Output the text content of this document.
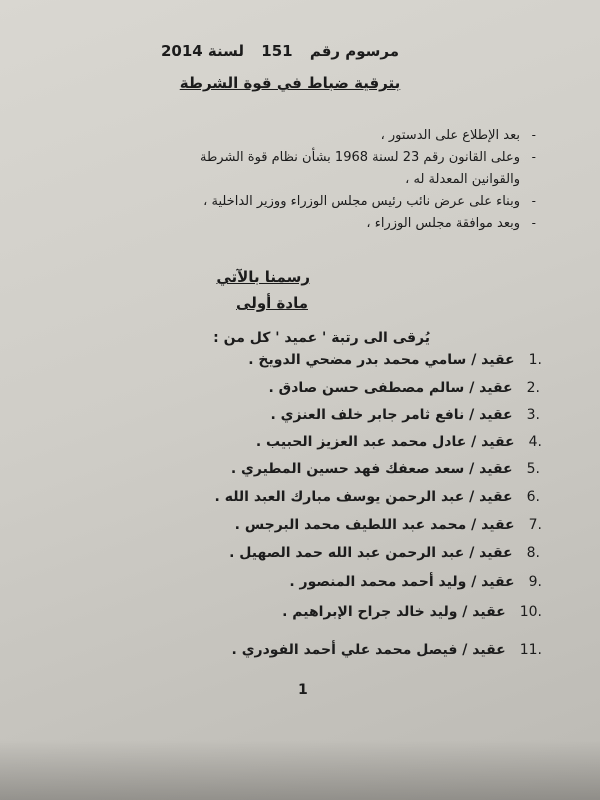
مرسوم رقم 151 لسنة 2014
بترقية ضباط في قوة الشرطة
-
بعد الإطلاع على الدستور ،
-
وعلى القانون رقم 23 لسنة 1968 بشأن نظام قوة الشرطة
والقوانين المعدلة له ،
-
وبناء على عرض نائب رئيس مجلس الوزراء ووزير الداخلية ،
-
وبعد موافقة مجلس الوزراء ،
رسمنا بالآتي
مادة أولى
يُرقى الى رتبة ' عميد ' كل من :
.1عقيد / سامي محمد بدر مضحي الدويخ .
.2عقيد / سالم مصطفى حسن صادق .
.3عقيد / نافع ثامر جابر خلف العنزي .
.4عقيد / عادل محمد عبد العزيز الحبيب .
.5عقيد / سعد صعفك فهد حسين المطيري .
.6عقيد / عبد الرحمن يوسف مبارك العبد الله .
.7عقيد / محمد عبد اللطيف محمد البرجس .
.8عقيد / عبد الرحمن عبد الله حمد الصهيل .
.9عقيد / وليد أحمد محمد المنصور .
.10عقيد / وليد خالد جراح الإبراهيم .
.11عقيد / فيصل محمد علي أحمد الفودري .
1
